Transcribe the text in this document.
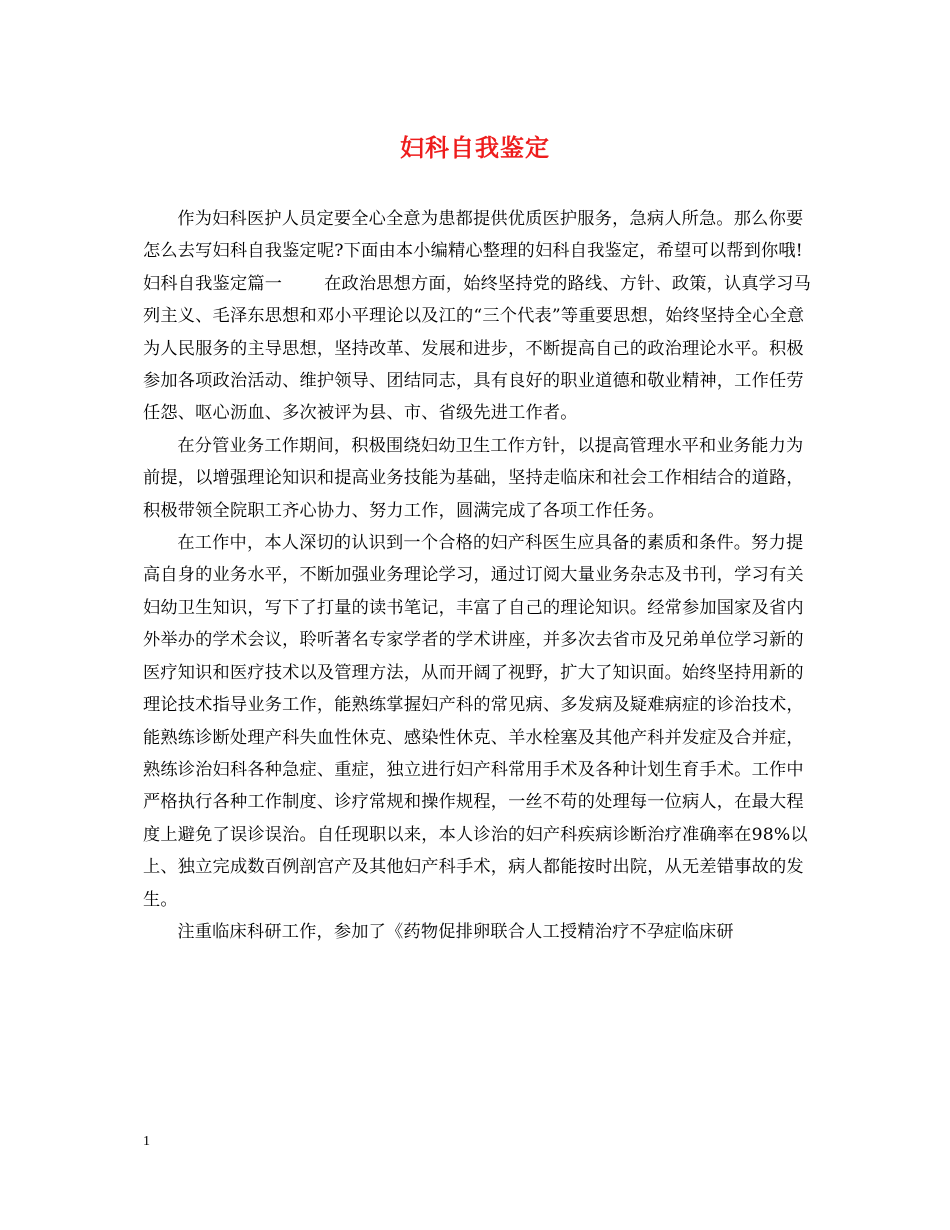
妇科自我鉴定

作为妇科医护人员定要全心全意为患都提供优质医护服务，急病人所急。那么你要怎么去写妇科自我鉴定呢?下面由本小编精心整理的妇科自我鉴定，希望可以帮到你哦!

妇科自我鉴定篇一 在政治思想方面，始终坚持党的路线、方针、政策，认真学习马列主义、毛泽东思想和邓小平理论以及江的“三个代表”等重要思想，始终坚持全心全意为人民服务的主导思想，坚持改革、发展和进步，不断提高自己的政治理论水平。积极参加各项政治活动、维护领导、团结同志，具有良好的职业道德和敬业精神，工作任劳任怨、呕心沥血、多次被评为县、市、省级先进工作者。

在分管业务工作期间，积极围绕妇幼卫生工作方针，以提高管理水平和业务能力为前提，以增强理论知识和提高业务技能为基础，坚持走临床和社会工作相结合的道路，积极带领全院职工齐心协力、努力工作，圆满完成了各项工作任务。

在工作中，本人深切的认识到一个合格的妇产科医生应具备的素质和条件。努力提高自身的业务水平，不断加强业务理论学习，通过订阅大量业务杂志及书刊，学习有关妇幼卫生知识，写下了打量的读书笔记，丰富了自己的理论知识。经常参加国家及省内外举办的学术会议，聆听著名专家学者的学术讲座，并多次去省市及兄弟单位学习新的医疗知识和医疗技术以及管理方法，从而开阔了视野，扩大了知识面。始终坚持用新的理论技术指导业务工作，能熟练掌握妇产科的常见病、多发病及疑难病症的诊治技术，能熟练诊断处理产科失血性休克、感染性休克、羊水栓塞及其他产科并发症及合并症，熟练诊治妇科各种急症、重症，独立进行妇产科常用手术及各种计划生育手术。工作中严格执行各种工作制度、诊疗常规和操作规程，一丝不苟的处理每一位病人，在最大程度上避免了误诊误治。自任现职以来，本人诊治的妇产科疾病诊断治疗准确率在98%以上、独立完成数百例剖宫产及其他妇产科手术，病人都能按时出院，从无差错事故的发生。

注重临床科研工作，参加了《药物促排卵联合人工授精治疗不孕症临床研

1
